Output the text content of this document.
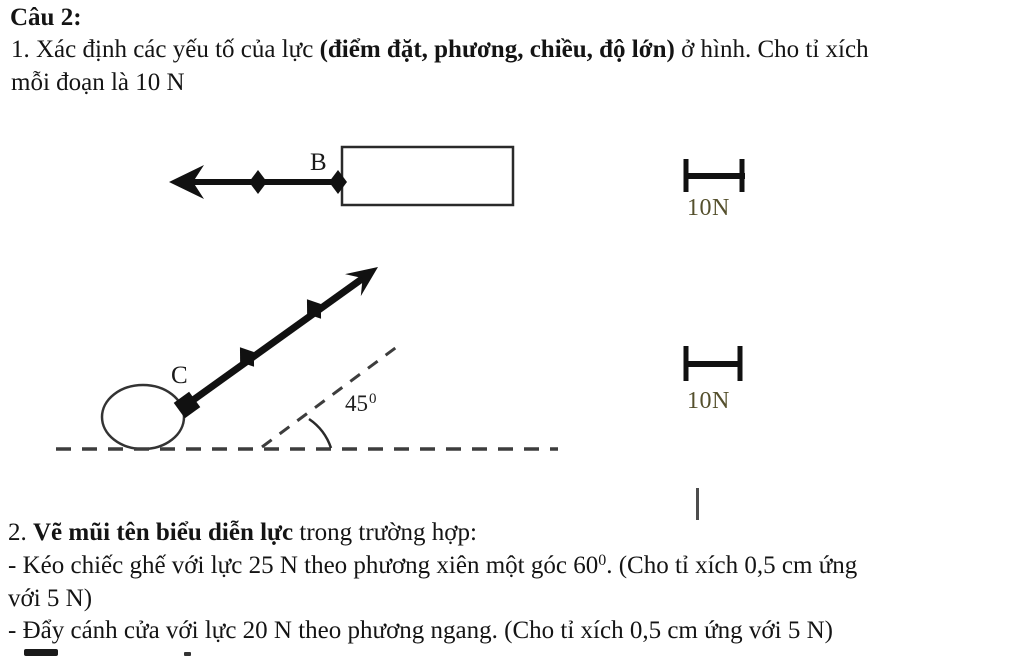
Câu 2:
1. Xác định các yếu tố của lực (điểm đặt, phương, chiều, độ lớn) ở hình. Cho tỉ xích
mỗi đoạn là 10 N
B
C
$45^0$
10N
10N
2. Vẽ mũi tên biểu diễn lực trong trường hợp:
- Kéo chiếc ghế với lực 25 N theo phương xiên một góc $60^0$. (Cho tỉ xích 0,5 cm ứng
với 5 N)
- Đẩy cánh cửa với lực 20 N theo phương ngang. (Cho tỉ xích 0,5 cm ứng với 5 N)
